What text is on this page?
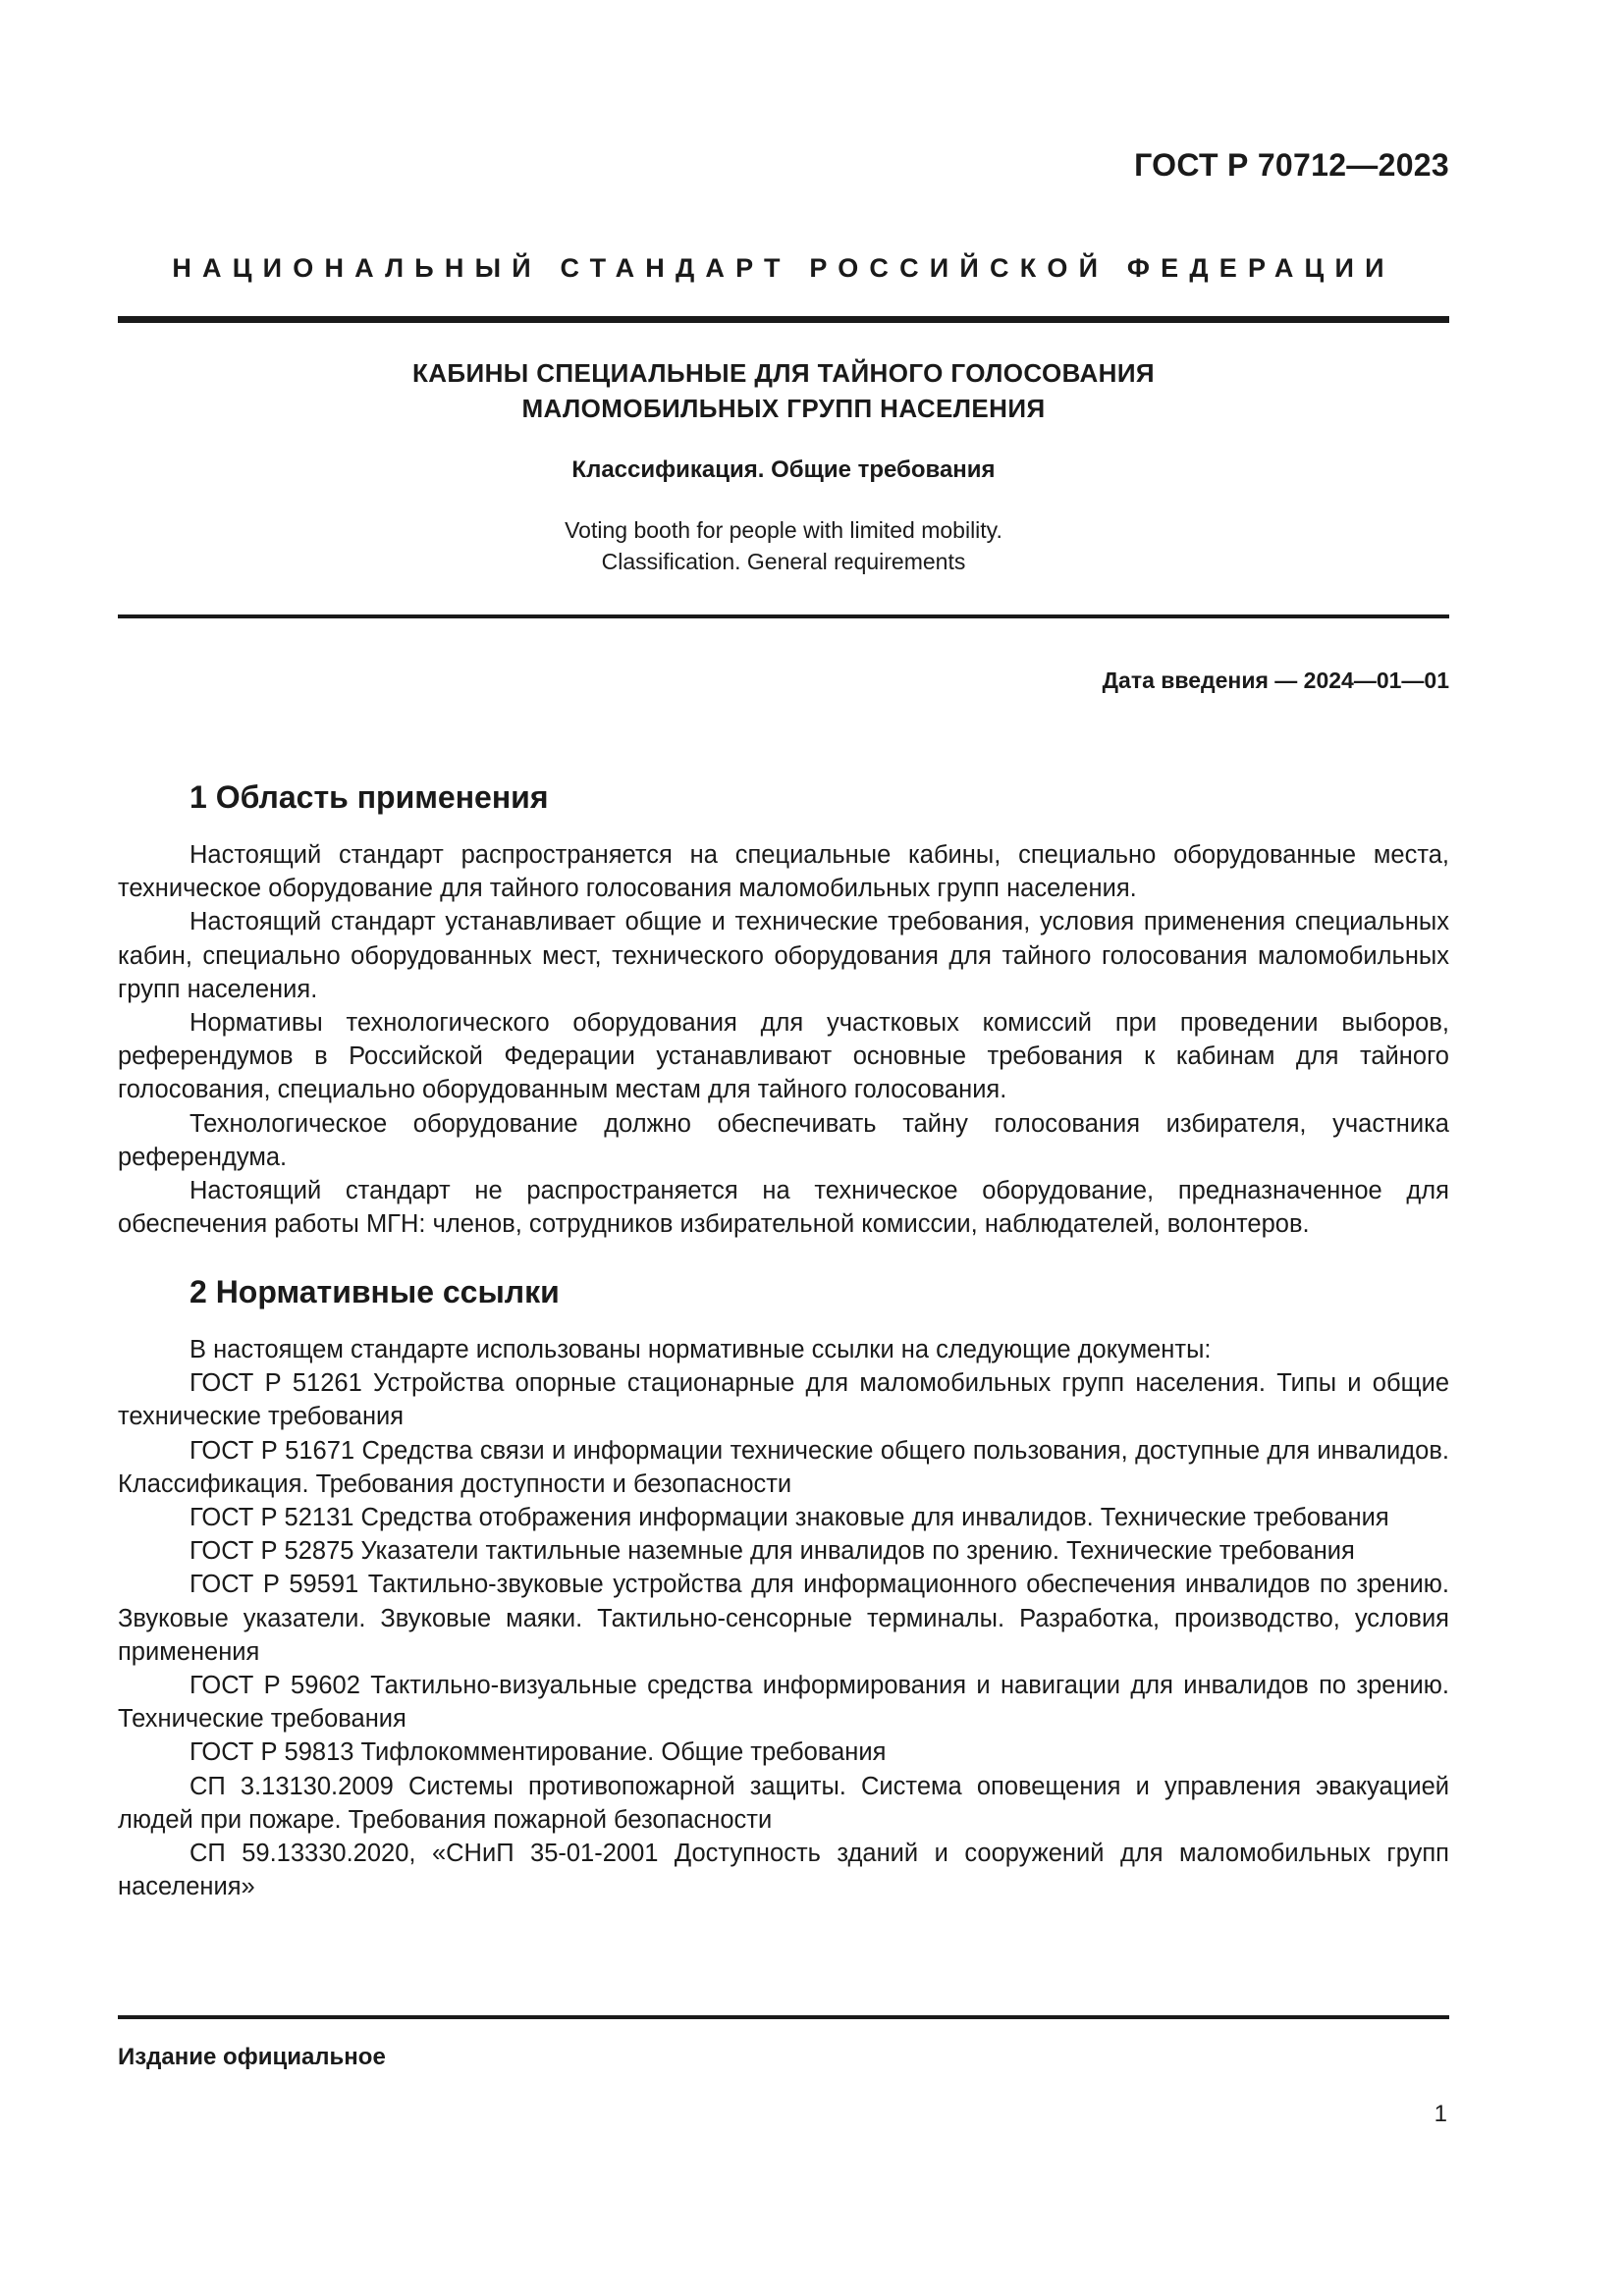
ГОСТ Р 70712—2023
НАЦИОНАЛЬНЫЙ СТАНДАРТ РОССИЙСКОЙ ФЕДЕРАЦИИ
КАБИНЫ СПЕЦИАЛЬНЫЕ ДЛЯ ТАЙНОГО ГОЛОСОВАНИЯ
МАЛОМОБИЛЬНЫХ ГРУПП НАСЕЛЕНИЯ
Классификация. Общие требования
Voting booth for people with limited mobility.
Classification. General requirements
Дата введения — 2024—01—01
1 Область применения

Настоящий стандарт распространяется на специальные кабины, специально оборудованные места, техническое оборудование для тайного голосования маломобильных групп населения.

Настоящий стандарт устанавливает общие и технические требования, условия применения специальных кабин, специально оборудованных мест, технического оборудования для тайного голосования маломобильных групп населения.

Нормативы технологического оборудования для участковых комиссий при проведении выборов, референдумов в Российской Федерации устанавливают основные требования к кабинам для тайного голосования, специально оборудованным местам для тайного голосования.

Технологическое оборудование должно обеспечивать тайну голосования избирателя, участника референдума.

Настоящий стандарт не распространяется на техническое оборудование, предназначенное для обеспечения работы МГН: членов, сотрудников избирательной комиссии, наблюдателей, волонтеров.

2 Нормативные ссылки

В настоящем стандарте использованы нормативные ссылки на следующие документы:

ГОСТ Р 51261 Устройства опорные стационарные для маломобильных групп населения. Типы и общие технические требования

ГОСТ Р 51671 Средства связи и информации технические общего пользования, доступные для инвалидов. Классификация. Требования доступности и безопасности

ГОСТ Р 52131 Средства отображения информации знаковые для инвалидов. Технические требования

ГОСТ Р 52875 Указатели тактильные наземные для инвалидов по зрению. Технические требования

ГОСТ Р 59591 Тактильно-звуковые устройства для информационного обеспечения инвалидов по зрению. Звуковые указатели. Звуковые маяки. Тактильно-сенсорные терминалы. Разработка, производство, условия применения

ГОСТ Р 59602 Тактильно-визуальные средства информирования и навигации для инвалидов по зрению. Технические требования

ГОСТ Р 59813 Тифлокомментирование. Общие требования

СП 3.13130.2009 Системы противопожарной защиты. Система оповещения и управления эвакуацией людей при пожаре. Требования пожарной безопасности

СП 59.13330.2020, «СНиП 35-01-2001 Доступность зданий и сооружений для маломобильных групп населения»

Издание официальное
1
